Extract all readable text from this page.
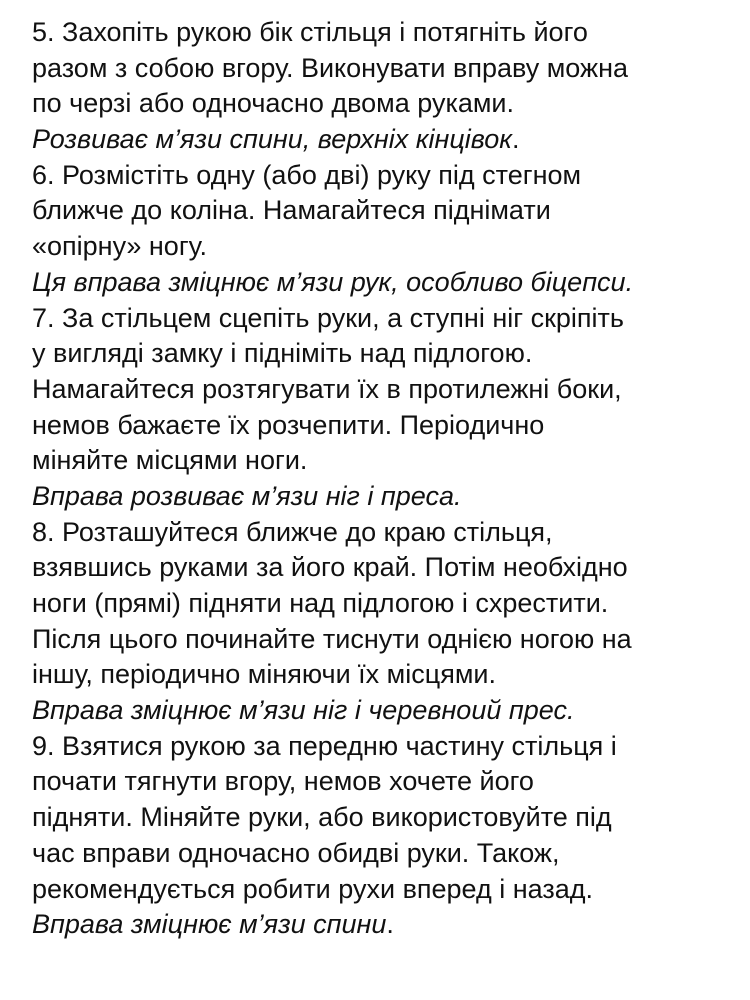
5. Захопіть рукою бік стільця і потягніть його
разом з собою вгору. Виконувати вправу можна
по черзі або одночасно двома руками.
Розвиває м’язи спини, верхніх кінцівок.
6. Розмістіть одну (або дві) руку під стегном
ближче до коліна. Намагайтеся піднімати
«опірну» ногу.
Ця вправа зміцнює м’язи рук, особливо біцепси.
7. За стільцем сцепіть руки, а ступні ніг скріпіть
у вигляді замку і підніміть над підлогою.
Намагайтеся розтягувати їх в протилежні боки,
немов бажаєте їх розчепити. Періодично
міняйте місцями ноги.
Вправа розвиває м’язи ніг і преса.
8. Розташуйтеся ближче до краю стільця,
взявшись руками за його край. Потім необхідно
ноги (прямі) підняти над підлогою і схрестити.
Після цього починайте тиснути однією ногою на
іншу, періодично міняючи їх місцями.
Вправа зміцнює м’язи ніг і черевноий прес.
9. Взятися рукою за передню частину стільця і
почати тягнути вгору, немов хочете його
підняти. Міняйте руки, або використовуйте під
час вправи одночасно обидві руки. Також,
рекомендується робити рухи вперед і назад.
Вправа зміцнює м’язи спини.
